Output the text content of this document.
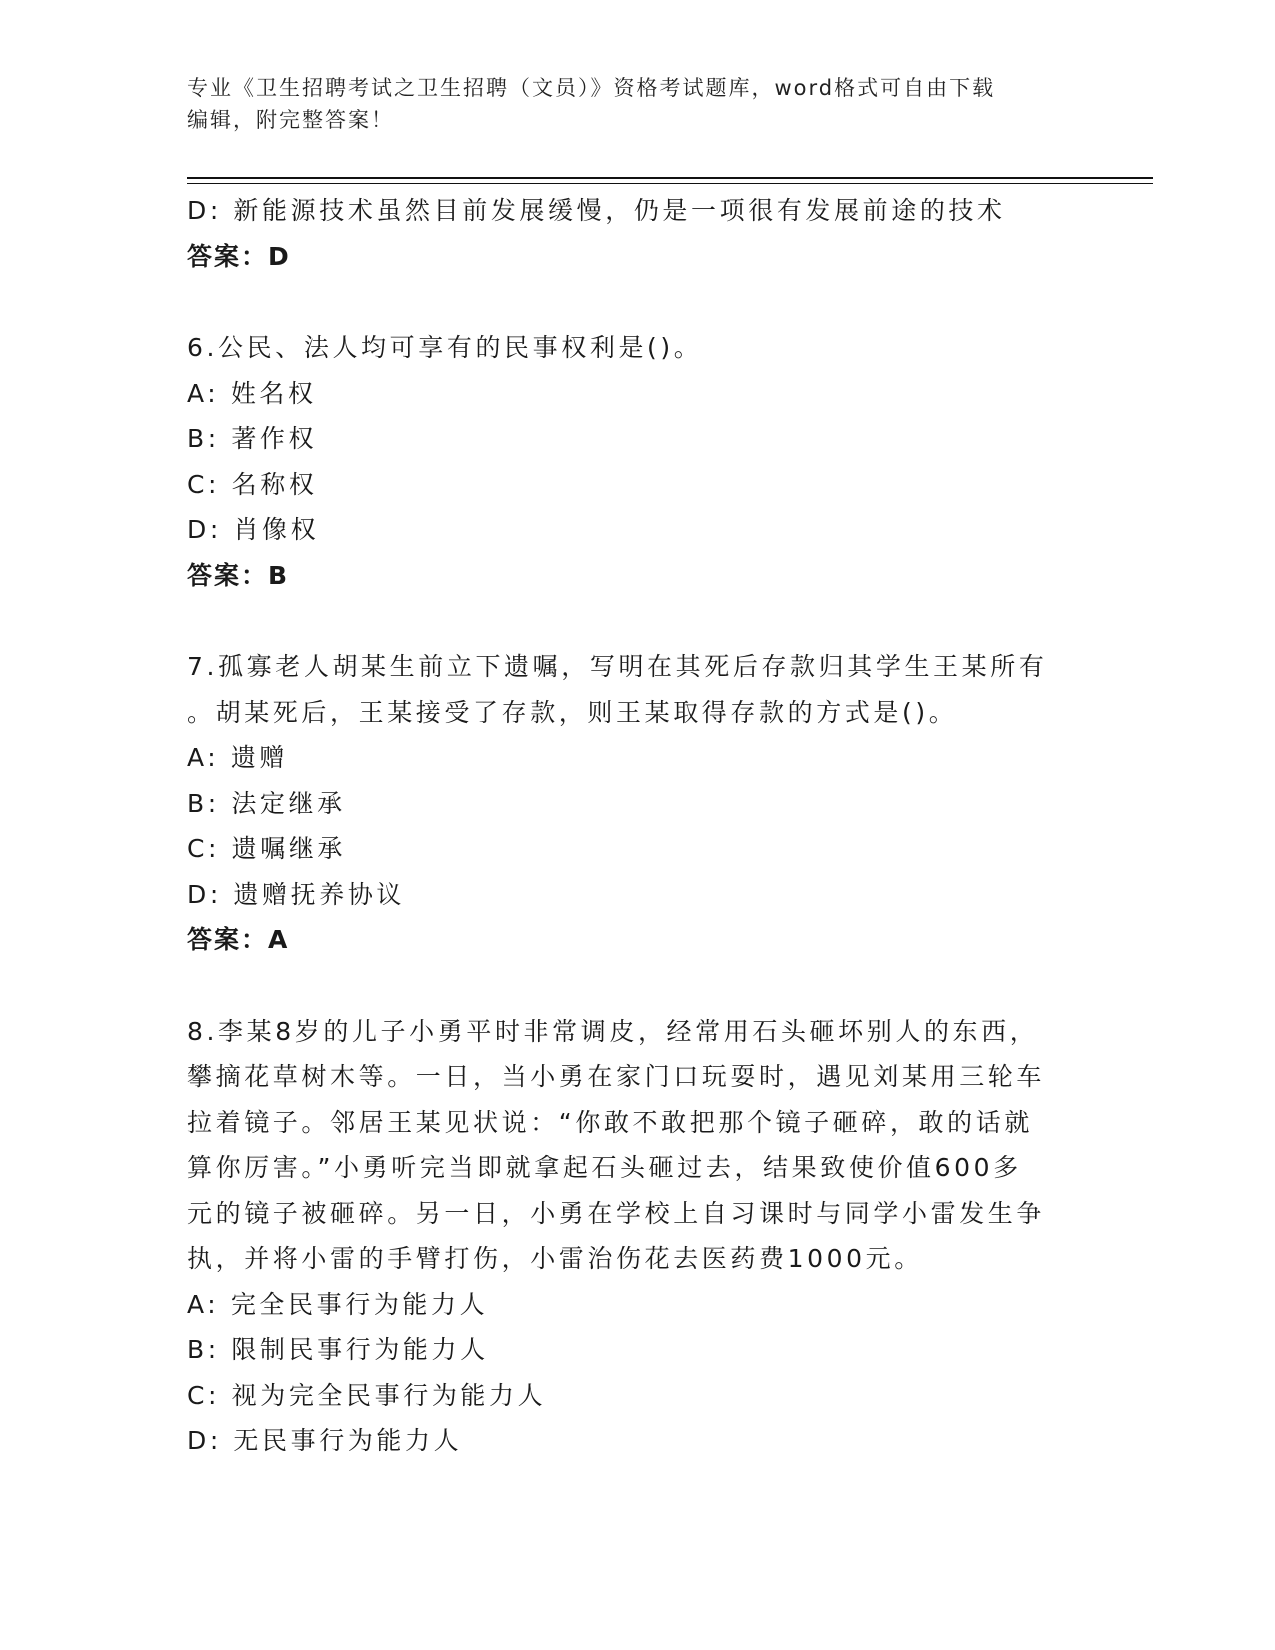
专业《卫生招聘考试之卫生招聘（文员）》资格考试题库，word格式可自由下载
编辑，附完整答案！
D: 新能源技术虽然目前发展缓慢，仍是一项很有发展前途的技术
答案：D
6.公民、法人均可享有的民事权利是()。
A: 姓名权
B: 著作权
C: 名称权
D: 肖像权
答案：B
7.孤寡老人胡某生前立下遗嘱，写明在其死后存款归其学生王某所有
。胡某死后，王某接受了存款，则王某取得存款的方式是()。
A: 遗赠
B: 法定继承
C: 遗嘱继承
D: 遗赠抚养协议
答案：A
8.李某8岁的儿子小勇平时非常调皮，经常用石头砸坏别人的东西，
攀摘花草树木等。一日，当小勇在家门口玩耍时，遇见刘某用三轮车
拉着镜子。邻居王某见状说：“你敢不敢把那个镜子砸碎，敢的话就
算你厉害。”小勇听完当即就拿起石头砸过去，结果致使价值600多
元的镜子被砸碎。另一日，小勇在学校上自习课时与同学小雷发生争
执，并将小雷的手臂打伤，小雷治伤花去医药费1000元。
A: 完全民事行为能力人
B: 限制民事行为能力人
C: 视为完全民事行为能力人
D: 无民事行为能力人
